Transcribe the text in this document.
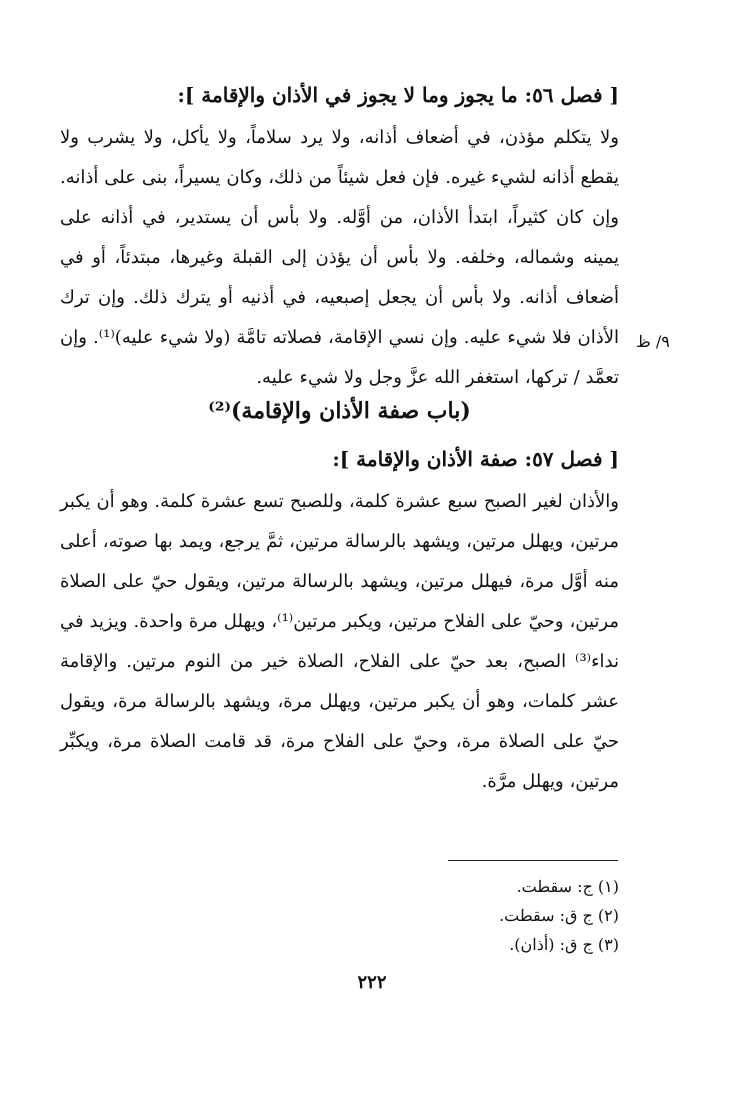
[ فصل ٥٦: ما يجوز وما لا يجوز في الأذان والإقامة ]:
ولا يتكلم مؤذن، في أضعاف أذانه، ولا يرد سلاماً، ولا يأكل، ولا يشرب ولا يقطع أذانه لشيء غيره. فإن فعل شيئاً من ذلك، وكان يسيراً، بنى على أذانه. وإن كان كثيراً، ابتدأ الأذان، من أوَّله. ولا بأس أن يستدير، في أذانه على يمينه وشماله، وخلفه. ولا بأس أن يؤذن إلى القبلة وغيرها، مبتدئاً، أو في أضعاف أذانه. ولا بأس أن يجعل إصبعيه، في أذنيه أو يترك ذلك. وإن ترك الأذان فلا شيء عليه. وإن نسي الإقامة، فصلاته تامَّة (ولا شيء عليه)⁽¹⁾. وإن تعمَّد / تركها، استغفر الله عزَّ وجل ولا شيء عليه.
٩/ ظ
(باب صفة الأذان والإقامة)⁽²⁾
[ فصل ٥٧: صفة الأذان والإقامة ]:
والأذان لغير الصبح سبع عشرة كلمة، وللصبح تسع عشرة كلمة. وهو أن يكبر مرتين، ويهلل مرتين، ويشهد بالرسالة مرتين، ثمَّ يرجع، ويمد بها صوته، أعلى منه أوَّل مرة، فيهلل مرتين، ويشهد بالرسالة مرتين، ويقول حيّ على الصلاة مرتين، وحيّ على الفلاح مرتين، ويكبر مرتين⁽¹⁾، ويهلل مرة واحدة. ويزيد في نداء⁽³⁾ الصبح، بعد حيّ على الفلاح، الصلاة خير من النوم مرتين. والإقامة عشر كلمات، وهو أن يكبر مرتين، ويهلل مرة، ويشهد بالرسالة مرة، ويقول حيّ على الصلاة مرة، وحيّ على الفلاح مرة، قد قامت الصلاة مرة، ويكبِّر مرتين، ويهلل مرَّة.
(١) ج: سقطت.
(٢) ج ق: سقطت.
(٣) ج ق: (أذان).
٢٢٢
